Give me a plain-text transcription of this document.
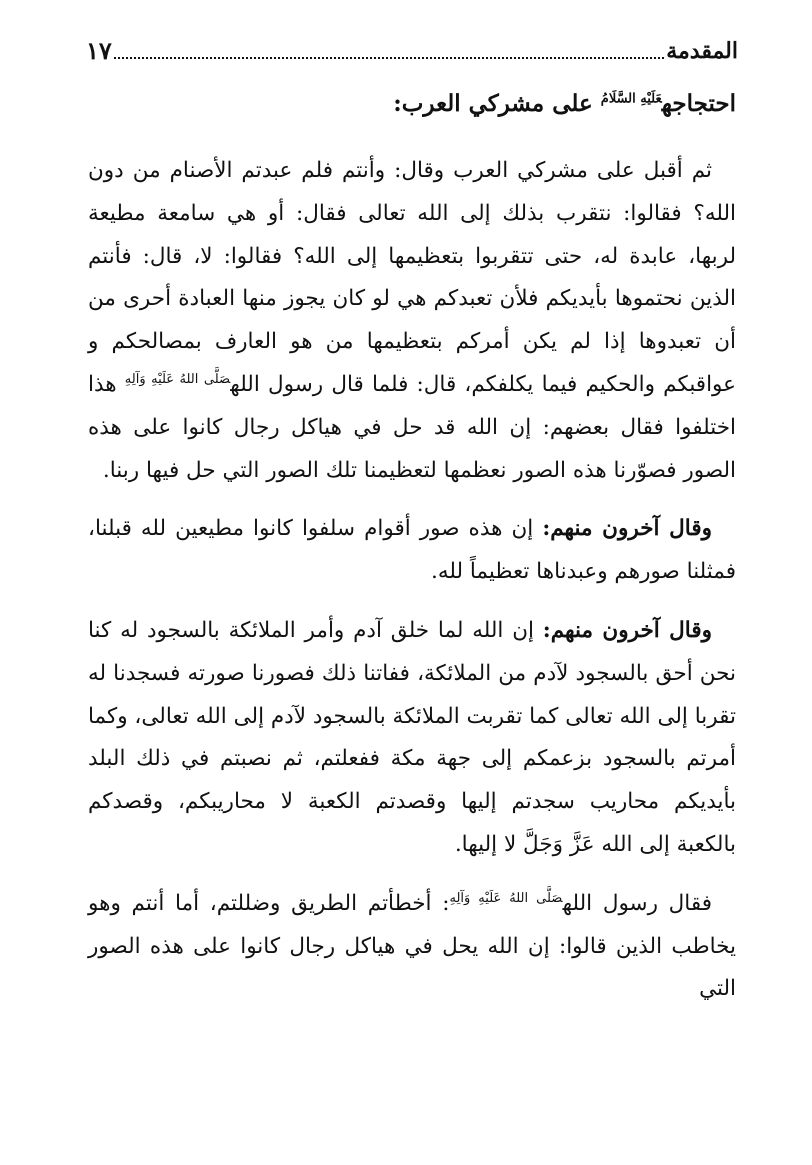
المقدمة
١٧
احتجاجه$^{عَلَيْهِ السَّلَامُ}$ على مشركي العرب:

ثم أقبل على مشركي العرب وقال: وأنتم فلم عبدتم الأصنام من دون الله؟ فقالوا: نتقرب بذلك إلى الله تعالى فقال: أو هي سامعة مطيعة لربها، عابدة له، حتى تتقربوا بتعظيمها إلى الله؟ فقالوا: لا، قال: فأنتم الذين نحتموها بأيديكم فلأن تعبدكم هي لو كان يجوز منها العبادة أحرى من أن تعبدوها إذا لم يكن أمركم بتعظيمها من هو العارف بمصالحكم و عواقبكم والحكيم فيما يكلفكم، قال: فلما قال رسول الله$^{صَلَّى اللهُ عَلَيْهِ وَآلِهِ}$ هذا اختلفوا فقال بعضهم: إن الله قد حل في هياكل رجال كانوا على هذه الصور فصوّرنا هذه الصور نعظمها لتعظيمنا تلك الصور التي حل فيها ربنا.

وقال آخرون منهم: إن هذه صور أقوام سلفوا كانوا مطيعين لله قبلنا، فمثلنا صورهم وعبدناها تعظيماً لله.

وقال آخرون منهم: إن الله لما خلق آدم وأمر الملائكة بالسجود له كنا نحن أحق بالسجود لآدم من الملائكة، ففاتنا ذلك فصورنا صورته فسجدنا له تقربا إلى الله تعالى كما تقربت الملائكة بالسجود لآدم إلى الله تعالى، وكما أمرتم بالسجود بزعمكم إلى جهة مكة ففعلتم، ثم نصبتم في ذلك البلد بأيديكم محاريب سجدتم إليها وقصدتم الكعبة لا محاريبكم، وقصدكم بالكعبة إلى الله عَزَّ وَجَلَّ لا إليها.

فقال رسول الله$^{صَلَّى اللهُ عَلَيْهِ وَآلِهِ}$: أخطأتم الطريق وضللتم، أما أنتم وهو يخاطب الذين قالوا: إن الله يحل في هياكل رجال كانوا على هذه الصور التي
